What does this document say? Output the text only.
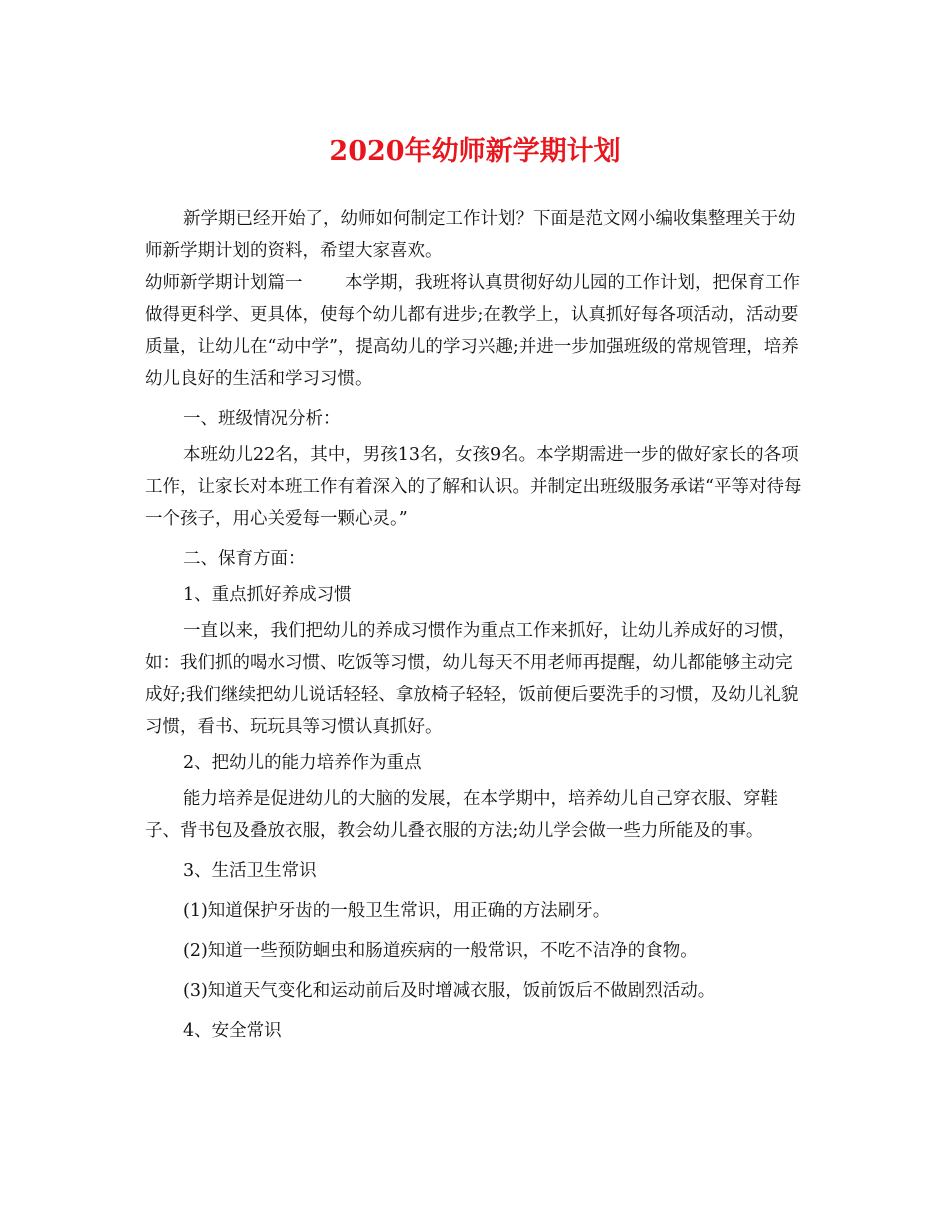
2020年幼师新学期计划

新学期已经开始了，幼师如何制定工作计划？下面是范文网小编收集整理关于幼师新学期计划的资料，希望大家喜欢。

幼师新学期计划篇一 本学期，我班将认真贯彻好幼儿园的工作计划，把保育工作做得更科学、更具体，使每个幼儿都有进步;在教学上，认真抓好每各项活动，活动要质量，让幼儿在“动中学”，提高幼儿的学习兴趣;并进一步加强班级的常规管理，培养幼儿良好的生活和学习习惯。

一、班级情况分析：

本班幼儿22名，其中，男孩13名，女孩9名。本学期需进一步的做好家长的各项工作，让家长对本班工作有着深入的了解和认识。并制定出班级服务承诺“平等对待每一个孩子，用心关爱每一颗心灵。”

二、保育方面：

1、重点抓好养成习惯

一直以来，我们把幼儿的养成习惯作为重点工作来抓好，让幼儿养成好的习惯，如：我们抓的喝水习惯、吃饭等习惯，幼儿每天不用老师再提醒，幼儿都能够主动完成好;我们继续把幼儿说话轻轻、拿放椅子轻轻，饭前便后要洗手的习惯，及幼儿礼貌习惯，看书、玩玩具等习惯认真抓好。

2、把幼儿的能力培养作为重点

能力培养是促进幼儿的大脑的发展，在本学期中，培养幼儿自己穿衣服、穿鞋子、背书包及叠放衣服，教会幼儿叠衣服的方法;幼儿学会做一些力所能及的事。

3、生活卫生常识

(1)知道保护牙齿的一般卫生常识，用正确的方法刷牙。

(2)知道一些预防蛔虫和肠道疾病的一般常识，不吃不洁净的食物。

(3)知道天气变化和运动前后及时增减衣服，饭前饭后不做剧烈活动。

4、安全常识
